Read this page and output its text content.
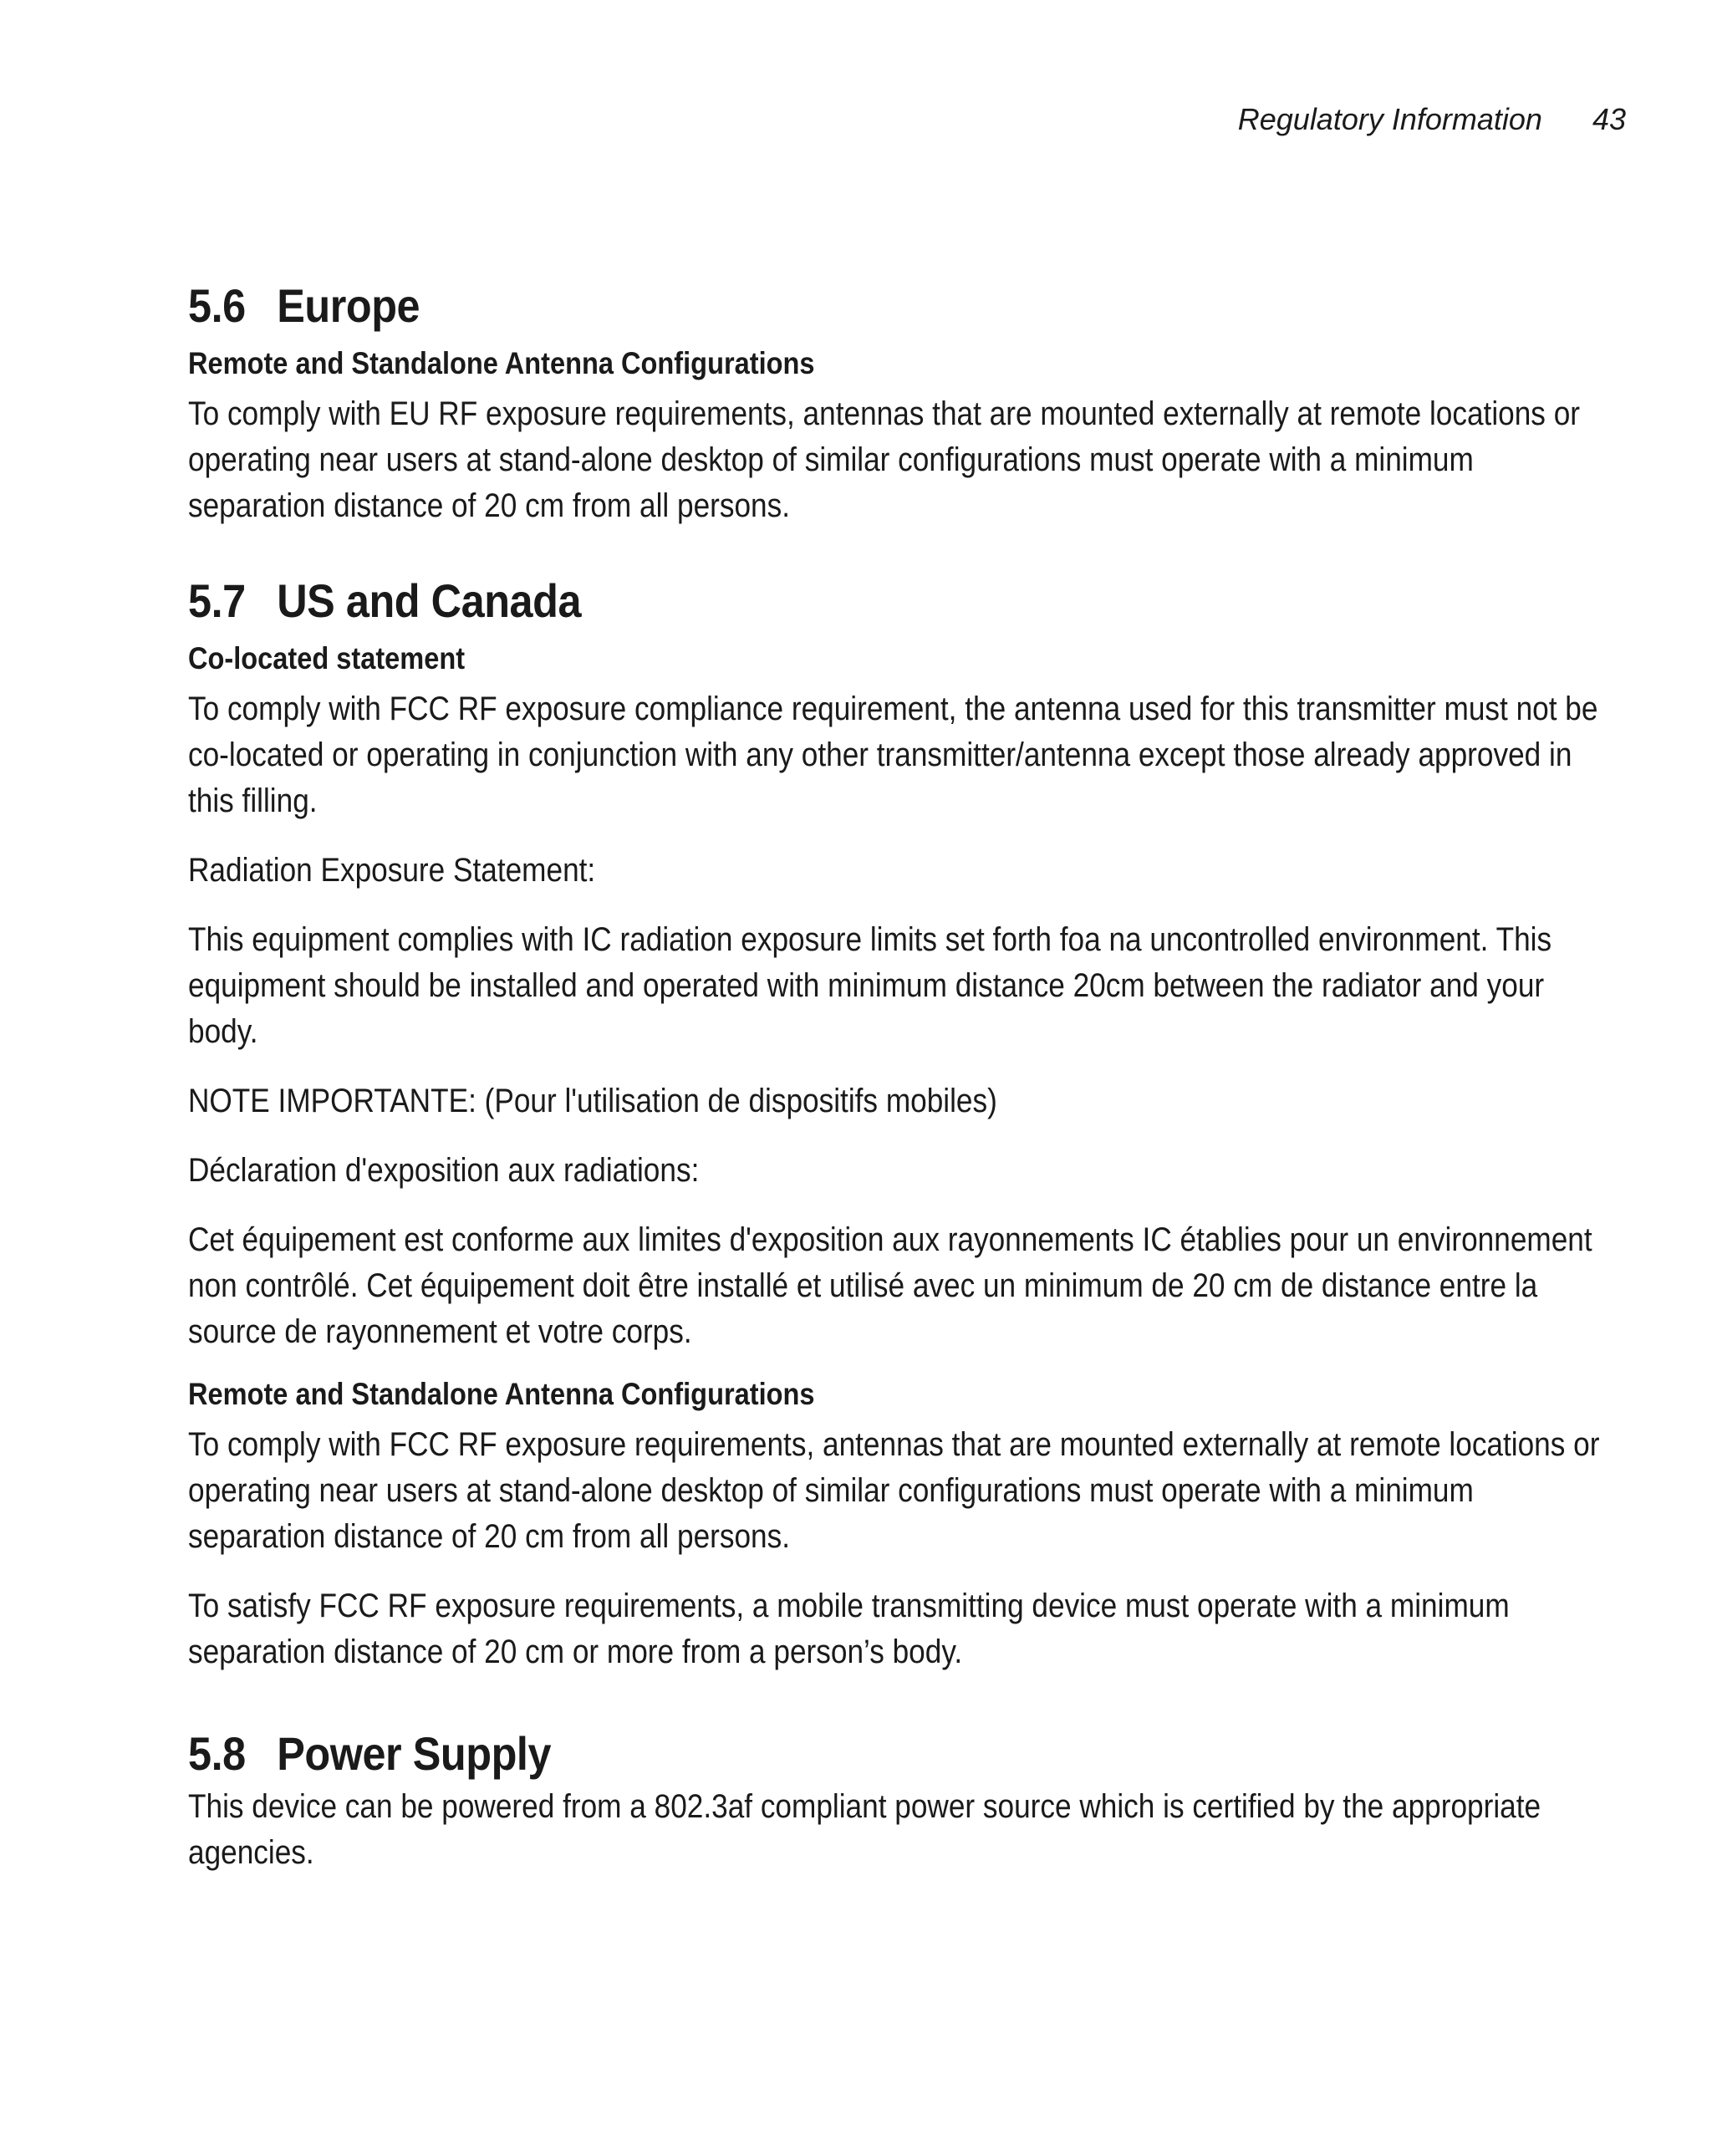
Regulatory Information 43
5.6 Europe
Remote and Standalone Antenna Configurations

To comply with EU RF exposure requirements, antennas that are mounted externally at remote locations or operating near users at stand-alone desktop of similar configurations must operate with a minimum separation distance of 20 cm from all persons.

5.7 US and Canada
Co-located statement

To comply with FCC RF exposure compliance requirement, the antenna used for this transmitter must not be co-located or operating in conjunction with any other transmitter/antenna except those already approved in this filling.

Radiation Exposure Statement:

This equipment complies with IC radiation exposure limits set forth foa na uncontrolled environment. This equipment should be installed and operated with minimum distance 20cm between the radiator and your body.

NOTE IMPORTANTE: (Pour l'utilisation de dispositifs mobiles)

Déclaration d'exposition aux radiations:

Cet équipement est conforme aux limites d'exposition aux rayonnements IC établies pour un environnement non contrôlé. Cet équipement doit être installé et utilisé avec un minimum de 20 cm de distance entre la source de rayonnement et votre corps.

Remote and Standalone Antenna Configurations

To comply with FCC RF exposure requirements, antennas that are mounted externally at remote locations or operating near users at stand-alone desktop of similar configurations must operate with a minimum separation distance of 20 cm from all persons.

To satisfy FCC RF exposure requirements, a mobile transmitting device must operate with a minimum separation distance of 20 cm or more from a person’s body.

5.8 Power Supply

This device can be powered from a 802.3af compliant power source which is certified by the appropriate agencies.
